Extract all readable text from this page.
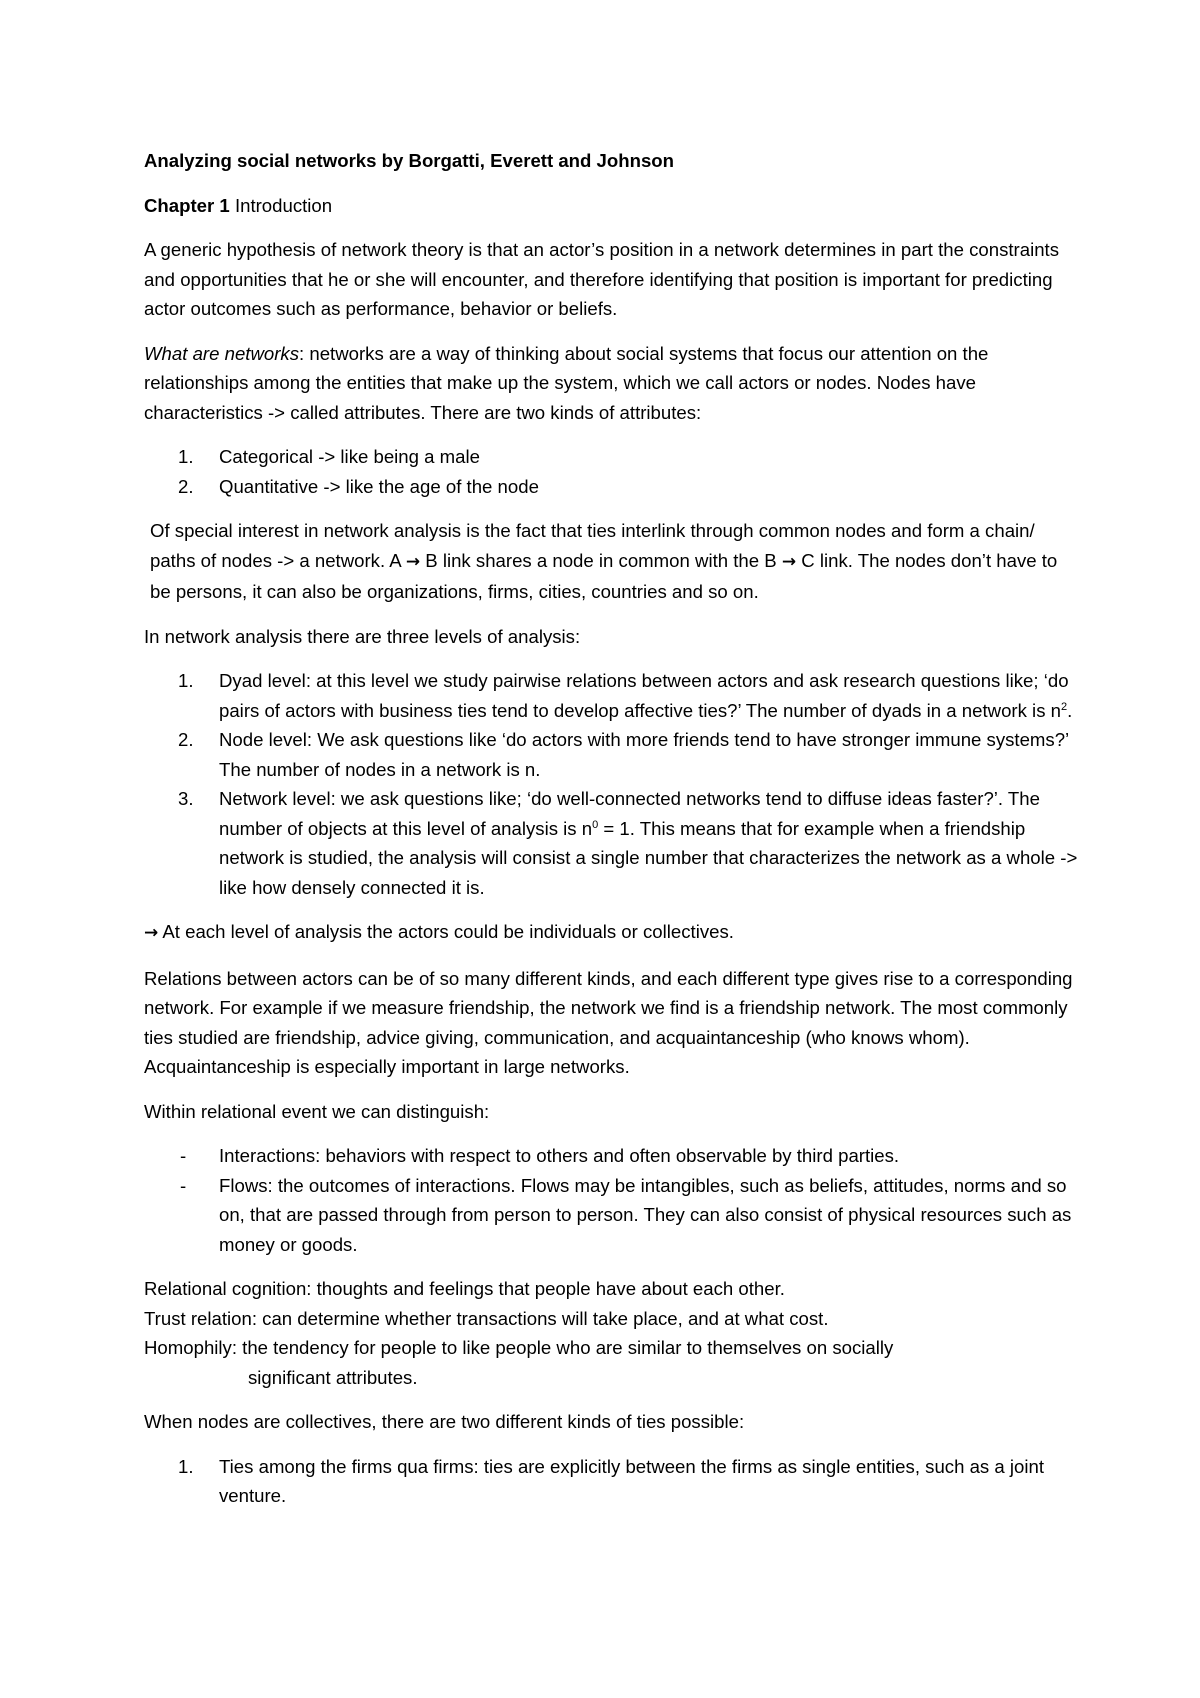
Analyzing social networks by Borgatti, Everett and Johnson

Chapter 1 Introduction

A generic hypothesis of network theory is that an actor’s position in a network determines in part the constraints and opportunities that he or she will encounter, and therefore identifying that position is important for predicting actor outcomes such as performance, behavior or beliefs.

What are networks: networks are a way of thinking about social systems that focus our attention on the relationships among the entities that make up the system, which we call actors or nodes. Nodes have characteristics -> called attributes. There are two kinds of attributes:

1. Categorical -> like being a male
2. Quantitative -> like the age of the node

Of special interest in network analysis is the fact that ties interlink through common nodes and form a chain/ paths of nodes -> a network. A → B link shares a node in common with the B → C link. The nodes don’t have to be persons, it can also be organizations, firms, cities, countries and so on.

In network analysis there are three levels of analysis:

1. Dyad level: at this level we study pairwise relations between actors and ask research questions like; ‘do pairs of actors with business ties tend to develop affective ties?’ The number of dyads in a network is $n^2$.
2. Node level: We ask questions like ‘do actors with more friends tend to have stronger immune systems?’ The number of nodes in a network is n.
3. Network level: we ask questions like; ‘do well-connected networks tend to diffuse ideas faster?’. The number of objects at this level of analysis is $n^0 = 1$. This means that for example when a friendship network is studied, the analysis will consist a single number that characterizes the network as a whole -> like how densely connected it is.

→ At each level of analysis the actors could be individuals or collectives.

Relations between actors can be of so many different kinds, and each different type gives rise to a corresponding network. For example if we measure friendship, the network we find is a friendship network. The most commonly ties studied are friendship, advice giving, communication, and acquaintanceship (who knows whom). Acquaintanceship is especially important in large networks.

Within relational event we can distinguish:

- Interactions: behaviors with respect to others and often observable by third parties.
- Flows: the outcomes of interactions. Flows may be intangibles, such as beliefs, attitudes, norms and so on, that are passed through from person to person. They can also consist of physical resources such as money or goods.

Relational cognition: thoughts and feelings that people have about each other.
Trust relation: can determine whether transactions will take place, and at what cost.
Homophily: the tendency for people to like people who are similar to themselves on socially
significant attributes.

When nodes are collectives, there are two different kinds of ties possible:

1. Ties among the firms qua firms: ties are explicitly between the firms as single entities, such as a joint venture.
